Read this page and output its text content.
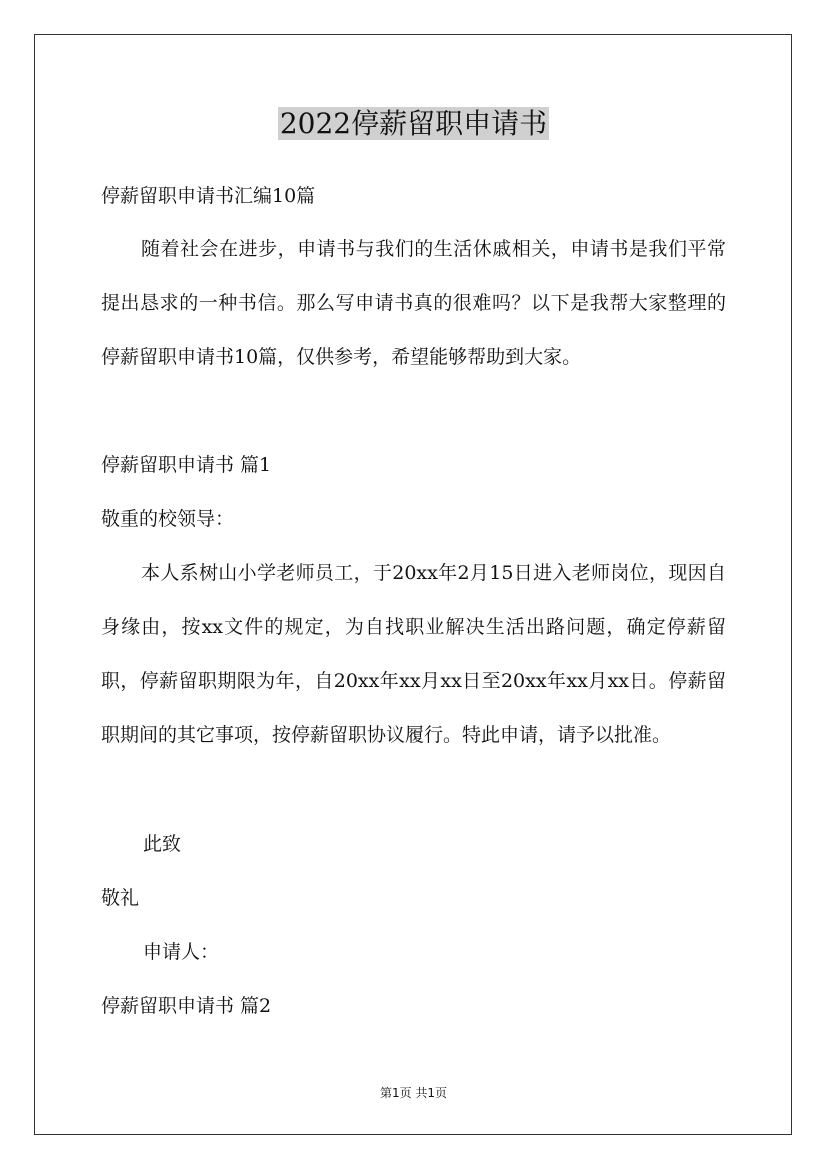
2022停薪留职申请书
停薪留职申请书汇编10篇
随着社会在进步，申请书与我们的生活休戚相关，申请书是我们平常提出恳求的一种书信。那么写申请书真的很难吗？以下是我帮大家整理的停薪留职申请书10篇，仅供参考，希望能够帮助到大家。
停薪留职申请书 篇1
敬重的校领导：
本人系树山小学老师员工，于20xx年2月15日进入老师岗位，现因自身缘由，按xx文件的规定，为自找职业解决生活出路问题，确定停薪留职，停薪留职期限为年，自20xx年xx月xx日至20xx年xx月xx日。停薪留职期间的其它事项，按停薪留职协议履行。特此申请，请予以批准。
此致
敬礼
申请人：
停薪留职申请书 篇2
第1页 共1页
